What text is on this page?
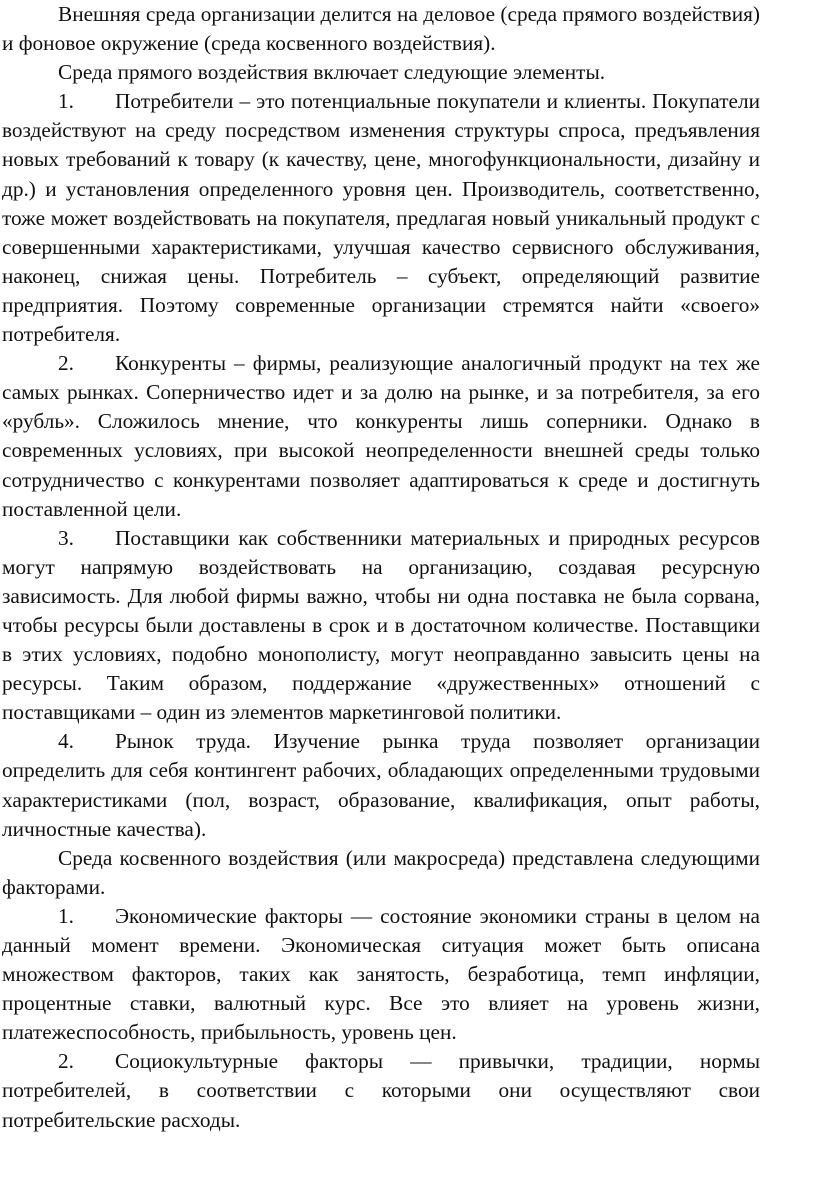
Внешняя среда организации делится на деловое (среда прямого воздействия) и фоновое окружение (среда косвенного воздействия).

Среда прямого воздействия включает следующие элементы.

1. Потребители – это потенциальные покупатели и клиенты. Покупатели воздействуют на среду посредством изменения структуры спроса, предъявления новых требований к товару (к качеству, цене, многофункциональности, дизайну и др.) и установления определенного уровня цен. Производитель, соответственно, тоже может воздействовать на покупателя, предлагая новый уникальный продукт с совершенными характеристиками, улучшая качество сервисного обслуживания, наконец, снижая цены. Потребитель – субъект, определяющий развитие предприятия. Поэтому современные организации стремятся найти «своего» потребителя.

2. Конкуренты – фирмы, реализующие аналогичный продукт на тех же самых рынках. Соперничество идет и за долю на рынке, и за потребителя, за его «рубль». Сложилось мнение, что конкуренты лишь соперники. Однако в современных условиях, при высокой неопределенности внешней среды только сотрудничество с конкурентами позволяет адаптироваться к среде и достигнуть поставленной цели.

3. Поставщики как собственники материальных и природных ресурсов могут напрямую воздействовать на организацию, создавая ресурсную зависимость. Для любой фирмы важно, чтобы ни одна поставка не была сорвана, чтобы ресурсы были доставлены в срок и в достаточном количестве. Поставщики в этих условиях, подобно монополисту, могут неоправданно завысить цены на ресурсы. Таким образом, поддержание «дружественных» отношений с поставщиками – один из элементов маркетинговой политики.

4. Рынок труда. Изучение рынка труда позволяет организации определить для себя контингент рабочих, обладающих определенными трудовыми характеристиками (пол, возраст, образование, квалификация, опыт работы, личностные качества).

Среда косвенного воздействия (или макросреда) представлена следующими факторами.

1. Экономические факторы — состояние экономики страны в целом на данный момент времени. Экономическая ситуация может быть описана множеством факторов, таких как занятость, безработица, темп инфляции, процентные ставки, валютный курс. Все это влияет на уровень жизни, платежеспособность, прибыльность, уровень цен.

2. Социокультурные факторы — привычки, традиции, нормы потребителей, в соответствии с которыми они осуществляют свои потребительские расходы.
